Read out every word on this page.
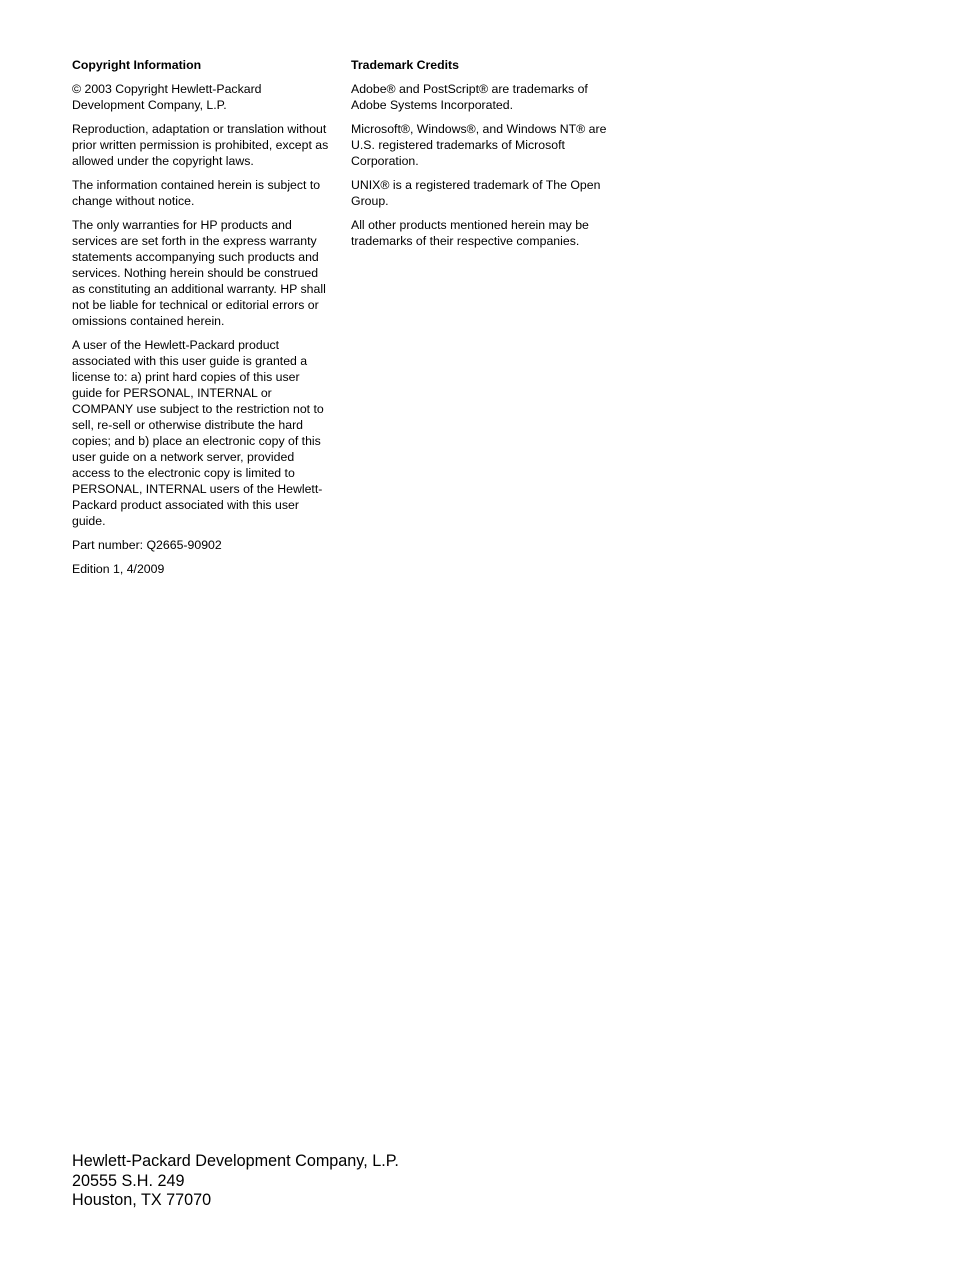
Copyright Information
© 2003 Copyright Hewlett-Packard Development Company, L.P.
Reproduction, adaptation or translation without prior written permission is prohibited, except as allowed under the copyright laws.
The information contained herein is subject to change without notice.
The only warranties for HP products and services are set forth in the express warranty statements accompanying such products and services. Nothing herein should be construed as constituting an additional warranty. HP shall not be liable for technical or editorial errors or omissions contained herein.
A user of the Hewlett-Packard product associated with this user guide is granted a license to: a) print hard copies of this user guide for PERSONAL, INTERNAL or COMPANY use subject to the restriction not to sell, re-sell or otherwise distribute the hard copies; and b) place an electronic copy of this user guide on a network server, provided access to the electronic copy is limited to PERSONAL, INTERNAL users of the Hewlett-Packard product associated with this user guide.
Part number: Q2665-90902
Edition 1, 4/2009
Trademark Credits
Adobe® and PostScript® are trademarks of Adobe Systems Incorporated.
Microsoft®, Windows®, and Windows NT® are U.S. registered trademarks of Microsoft Corporation.
UNIX® is a registered trademark of The Open Group.
All other products mentioned herein may be trademarks of their respective companies.
Hewlett-Packard Development Company, L.P.
20555 S.H. 249
Houston, TX 77070
